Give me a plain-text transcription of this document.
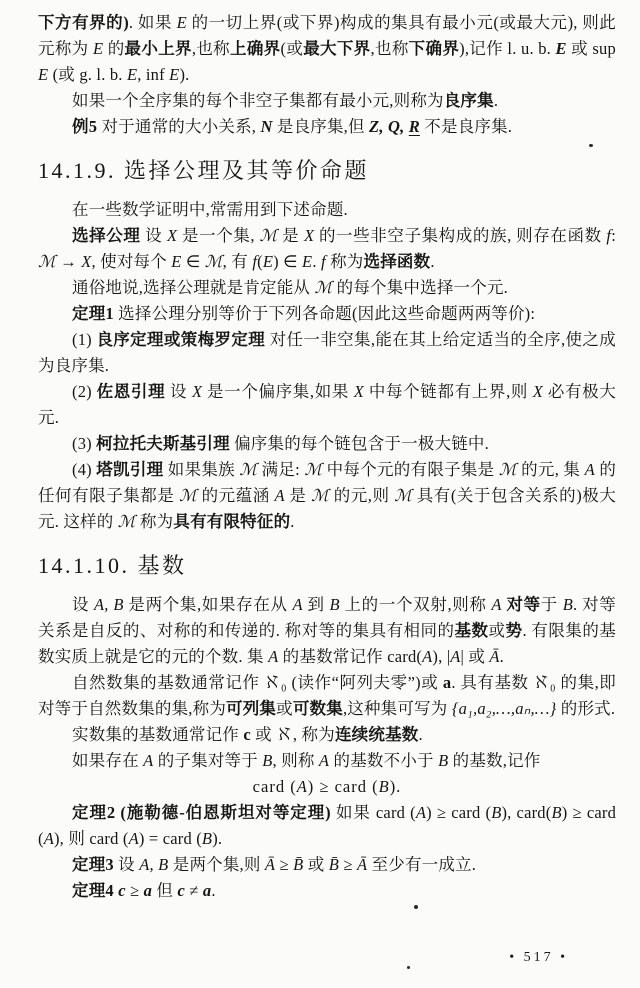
下方有界的). 如果 E 的一切上界(或下界)构成的集具有最小元(或最大元), 则此元称为 E 的最小上界,也称上确界(或最大下界,也称下确界),记作 l. u. b. E 或 sup E (或 g. l. b. E, inf E).

如果一个全序集的每个非空子集都有最小元,则称为良序集.

例5 对于通常的大小关系, N 是良序集,但 Z, Q, R 不是良序集.

14.1.9. 选择公理及其等价命题

在一些数学证明中,常需用到下述命题.

选择公理 设 X 是一个集, ℳ 是 X 的一些非空子集构成的族, 则存在函数 f: ℳ → X, 使对每个 E ∈ ℳ, 有 f(E) ∈ E. f 称为选择函数.

通俗地说,选择公理就是肯定能从 ℳ 的每个集中选择一个元.

定理1 选择公理分别等价于下列各命题(因此这些命题两两等价):

(1) 良序定理或策梅罗定理 对任一非空集,能在其上给定适当的全序,使之成为良序集.

(2) 佐恩引理 设 X 是一个偏序集,如果 X 中每个链都有上界,则 X 必有极大元.

(3) 柯拉托夫斯基引理 偏序集的每个链包含于一极大链中.

(4) 塔凯引理 如果集族 ℳ 满足: ℳ 中每个元的有限子集是 ℳ 的元, 集 A 的任何有限子集都是 ℳ 的元蕴涵 A 是 ℳ 的元,则 ℳ 具有(关于包含关系的)极大元. 这样的 ℳ 称为具有有限特征的.

14.1.10. 基数

设 A, B 是两个集,如果存在从 A 到 B 上的一个双射,则称 A 对等于 B. 对等关系是自反的、对称的和传递的. 称对等的集具有相同的基数或势. 有限集的基数实质上就是它的元的个数. 集 A 的基数常记作 card(A), |A| 或 Ā.

自然数集的基数通常记作 ℵ₀ (读作“阿列夫零”)或 a. 具有基数 ℵ₀ 的集,即对等于自然数集的集,称为可列集或可数集,这种集可写为 {a₁,a₂,…,aₙ,…} 的形式.

实数集的基数通常记作 c 或 ℵ, 称为连续统基数.

如果存在 A 的子集对等于 B, 则称 A 的基数不小于 B 的基数,记作

card (A) ≥ card (B).

定理2 (施勒德-伯恩斯坦对等定理) 如果 card (A) ≥ card (B), card(B) ≥ card (A), 则 card (A) = card (B).

定理3 设 A, B 是两个集,则 Ā ≥ B̄ 或 B̄ ≥ Ā 至少有一成立.

定理4 c ≥ a 但 c ≠ a.

• 517 •
